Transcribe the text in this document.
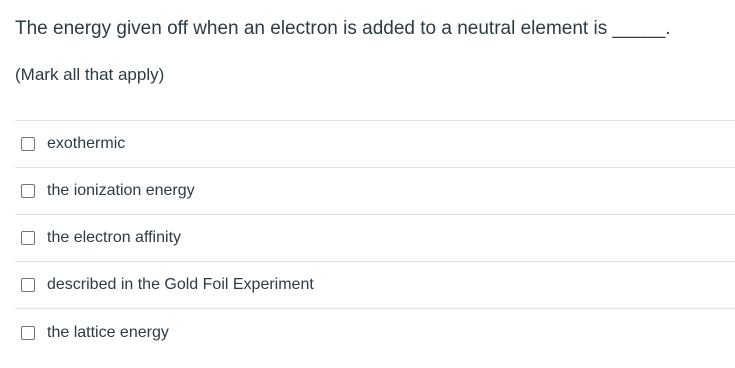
The energy given off when an electron is added to a neutral element is _____.
(Mark all that apply)
exothermic
the ionization energy
the electron affinity
described in the Gold Foil Experiment
the lattice energy
